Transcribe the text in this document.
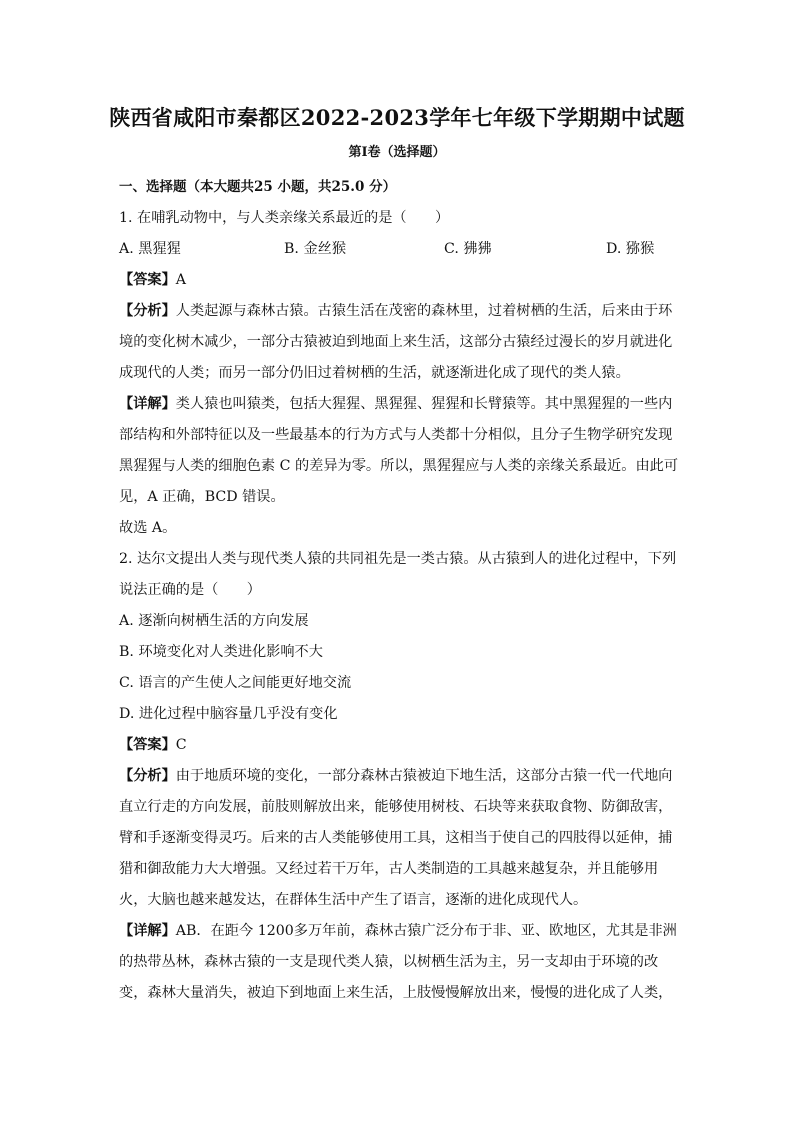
陕西省咸阳市秦都区2022-2023学年七年级下学期期中试题
第I卷（选择题）
一、选择题（本大题共25 小题，共25.0 分）
1. 在哺乳动物中，与人类亲缘关系最近的是（　　）
A. 黑猩猩	B. 金丝猴	C. 狒狒	D. 猕猴
【答案】A
【分析】人类起源与森林古猿。古猿生活在茂密的森林里，过着树栖的生活，后来由于环
境的变化树木减少，一部分古猿被迫到地面上来生活，这部分古猿经过漫长的岁月就进化
成现代的人类；而另一部分仍旧过着树栖的生活，就逐渐进化成了现代的类人猿。
【详解】类人猿也叫猿类，包括大猩猩、黑猩猩、猩猩和长臂猿等。其中黑猩猩的一些内
部结构和外部特征以及一些最基本的行为方式与人类都十分相似，且分子生物学研究发现
黑猩猩与人类的细胞色素 C 的差异为零。所以，黑猩猩应与人类的亲缘关系最近。由此可
见，A 正确，BCD 错误。
故选 A。
2. 达尔文提出人类与现代类人猿的共同祖先是一类古猿。从古猿到人的进化过程中，下列
说法正确的是（　　）
A. 逐渐向树栖生活的方向发展
B. 环境变化对人类进化影响不大
C. 语言的产生使人之间能更好地交流
D. 进化过程中脑容量几乎没有变化
【答案】C
【分析】由于地质环境的变化，一部分森林古猿被迫下地生活，这部分古猿一代一代地向
直立行走的方向发展，前肢则解放出来，能够使用树枝、石块等来获取食物、防御敌害，
臂和手逐渐变得灵巧。后来的古人类能够使用工具，这相当于使自己的四肢得以延伸，捕
猎和御敌能力大大增强。又经过若干万年，古人类制造的工具越来越复杂，并且能够用
火，大脑也越来越发达，在群体生活中产生了语言，逐渐的进化成现代人。
【详解】AB．在距今 1200多万年前，森林古猿广泛分布于非、亚、欧地区，尤其是非洲
的热带丛林，森林古猿的一支是现代类人猿，以树栖生活为主，另一支却由于环境的改
变，森林大量消失，被迫下到地面上来生活，上肢慢慢解放出来，慢慢的进化成了人类，
